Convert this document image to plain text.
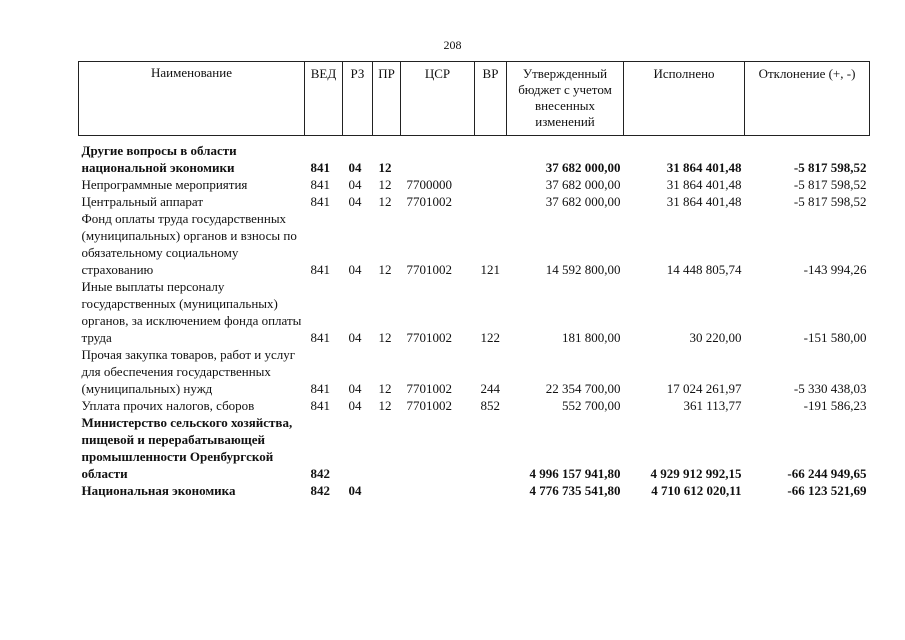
208
Наименование	ВЕД	РЗ	ПР	ЦСР	ВР	Утвержденный бюджет с учетом внесенных изменений	Исполнено	Отклонение (+, -)
Другие вопросы в области национальной экономики	841	04	12			37 682 000,00	31 864 401,48	-5 817 598,52
Непрограммные мероприятия	841	04	12	7700000		37 682 000,00	31 864 401,48	-5 817 598,52
Центральный аппарат	841	04	12	7701002		37 682 000,00	31 864 401,48	-5 817 598,52
Фонд оплаты труда государственных (муниципальных) органов и взносы по обязательному социальному страхованию	841	04	12	7701002	121	14 592 800,00	14 448 805,74	-143 994,26
Иные выплаты персоналу государственных (муниципальных) органов, за исключением фонда оплаты труда	841	04	12	7701002	122	181 800,00	30 220,00	-151 580,00
Прочая закупка товаров, работ и услуг для обеспечения государственных (муниципальных) нужд	841	04	12	7701002	244	22 354 700,00	17 024 261,97	-5 330 438,03
Уплата прочих налогов, сборов	841	04	12	7701002	852	552 700,00	361 113,77	-191 586,23
Министерство сельского хозяйства, пищевой и перерабатывающей промышленности Оренбургской области	842					4 996 157 941,80	4 929 912 992,15	-66 244 949,65
Национальная экономика	842	04				4 776 735 541,80	4 710 612 020,11	-66 123 521,69
